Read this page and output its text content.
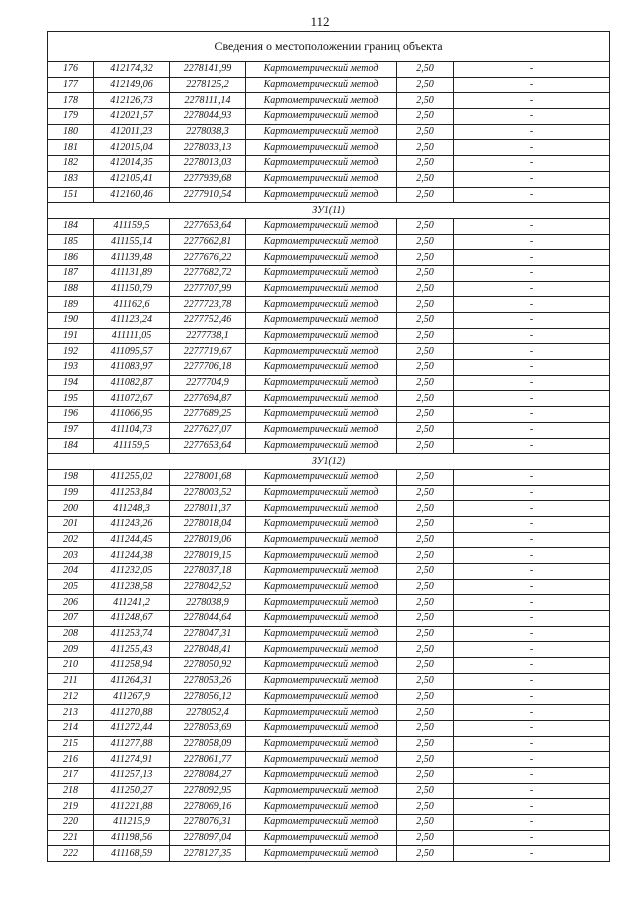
112
Сведения о местоположении границ объекта					
176	412174,32	2278141,99	Картометрический метод	2,50	-
177	412149,06	2278125,2	Картометрический метод	2,50	-
178	412126,73	2278111,14	Картометрический метод	2,50	-
179	412021,57	2278044,93	Картометрический метод	2,50	-
180	412011,23	2278038,3	Картометрический метод	2,50	-
181	412015,04	2278033,13	Картометрический метод	2,50	-
182	412014,35	2278013,03	Картометрический метод	2,50	-
183	412105,41	2277939,68	Картометрический метод	2,50	-
151	412160,46	2277910,54	Картометрический метод	2,50	-
ЗУ1(11)					
184	411159,5	2277653,64	Картометрический метод	2,50	-
185	411155,14	2277662,81	Картометрический метод	2,50	-
186	411139,48	2277676,22	Картометрический метод	2,50	-
187	411131,89	2277682,72	Картометрический метод	2,50	-
188	411150,79	2277707,99	Картометрический метод	2,50	-
189	411162,6	2277723,78	Картометрический метод	2,50	-
190	411123,24	2277752,46	Картометрический метод	2,50	-
191	411111,05	2277738,1	Картометрический метод	2,50	-
192	411095,57	2277719,67	Картометрический метод	2,50	-
193	411083,97	2277706,18	Картометрический метод	2,50	-
194	411082,87	2277704,9	Картометрический метод	2,50	-
195	411072,67	2277694,87	Картометрический метод	2,50	-
196	411066,95	2277689,25	Картометрический метод	2,50	-
197	411104,73	2277627,07	Картометрический метод	2,50	-
184	411159,5	2277653,64	Картометрический метод	2,50	-
ЗУ1(12)					
198	411255,02	2278001,68	Картометрический метод	2,50	-
199	411253,84	2278003,52	Картометрический метод	2,50	-
200	411248,3	2278011,37	Картометрический метод	2,50	-
201	411243,26	2278018,04	Картометрический метод	2,50	-
202	411244,45	2278019,06	Картометрический метод	2,50	-
203	411244,38	2278019,15	Картометрический метод	2,50	-
204	411232,05	2278037,18	Картометрический метод	2,50	-
205	411238,58	2278042,52	Картометрический метод	2,50	-
206	411241,2	2278038,9	Картометрический метод	2,50	-
207	411248,67	2278044,64	Картометрический метод	2,50	-
208	411253,74	2278047,31	Картометрический метод	2,50	-
209	411255,43	2278048,41	Картометрический метод	2,50	-
210	411258,94	2278050,92	Картометрический метод	2,50	-
211	411264,31	2278053,26	Картометрический метод	2,50	-
212	411267,9	2278056,12	Картометрический метод	2,50	-
213	411270,88	2278052,4	Картометрический метод	2,50	-
214	411272,44	2278053,69	Картометрический метод	2,50	-
215	411277,88	2278058,09	Картометрический метод	2,50	-
216	411274,91	2278061,77	Картометрический метод	2,50	-
217	411257,13	2278084,27	Картометрический метод	2,50	-
218	411250,27	2278092,95	Картометрический метод	2,50	-
219	411221,88	2278069,16	Картометрический метод	2,50	-
220	411215,9	2278076,31	Картометрический метод	2,50	-
221	411198,56	2278097,04	Картометрический метод	2,50	-
222	411168,59	2278127,35	Картометрический метод	2,50	-
